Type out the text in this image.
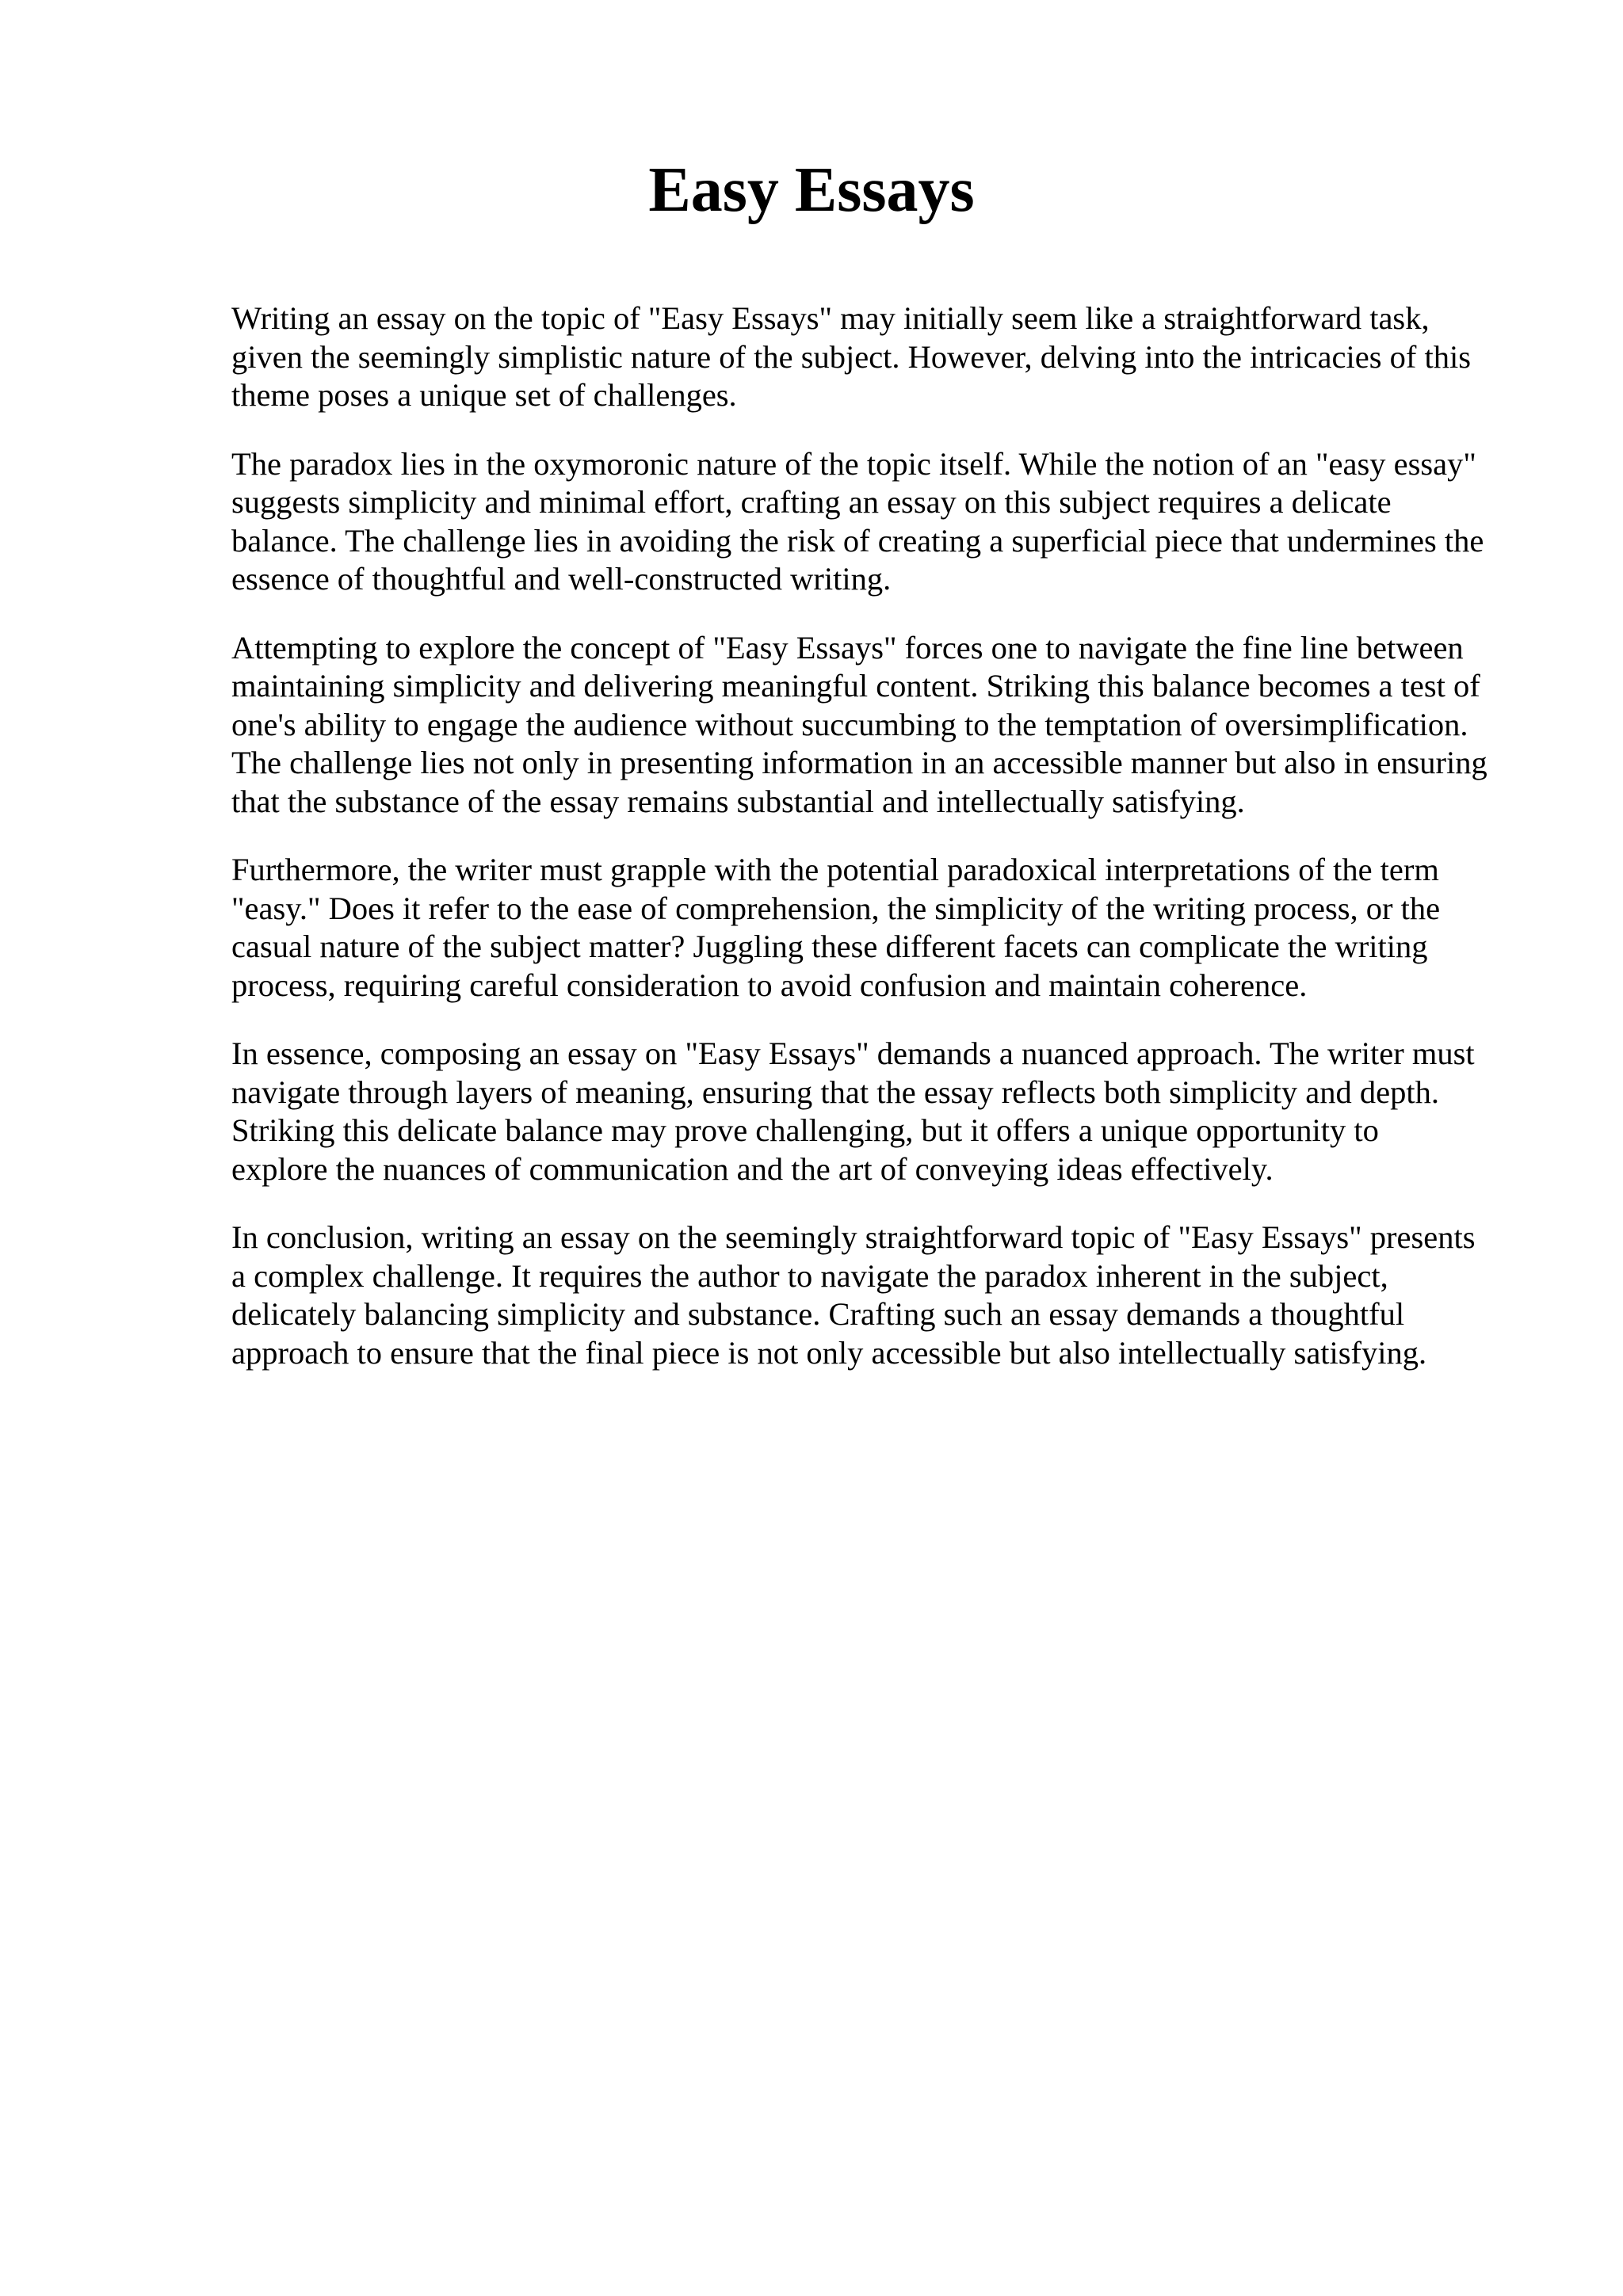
Easy Essays

Writing an essay on the topic of "Easy Essays" may initially seem like a straightforward task,
given the seemingly simplistic nature of the subject. However, delving into the intricacies of this
theme poses a unique set of challenges.

The paradox lies in the oxymoronic nature of the topic itself. While the notion of an "easy essay"
suggests simplicity and minimal effort, crafting an essay on this subject requires a delicate
balance. The challenge lies in avoiding the risk of creating a superficial piece that undermines the
essence of thoughtful and well-constructed writing.

Attempting to explore the concept of "Easy Essays" forces one to navigate the fine line between
maintaining simplicity and delivering meaningful content. Striking this balance becomes a test of
one's ability to engage the audience without succumbing to the temptation of oversimplification.
The challenge lies not only in presenting information in an accessible manner but also in ensuring
that the substance of the essay remains substantial and intellectually satisfying.

Furthermore, the writer must grapple with the potential paradoxical interpretations of the term
"easy." Does it refer to the ease of comprehension, the simplicity of the writing process, or the
casual nature of the subject matter? Juggling these different facets can complicate the writing
process, requiring careful consideration to avoid confusion and maintain coherence.

In essence, composing an essay on "Easy Essays" demands a nuanced approach. The writer must
navigate through layers of meaning, ensuring that the essay reflects both simplicity and depth.
Striking this delicate balance may prove challenging, but it offers a unique opportunity to
explore the nuances of communication and the art of conveying ideas effectively.

In conclusion, writing an essay on the seemingly straightforward topic of "Easy Essays" presents
a complex challenge. It requires the author to navigate the paradox inherent in the subject,
delicately balancing simplicity and substance. Crafting such an essay demands a thoughtful
approach to ensure that the final piece is not only accessible but also intellectually satisfying.
